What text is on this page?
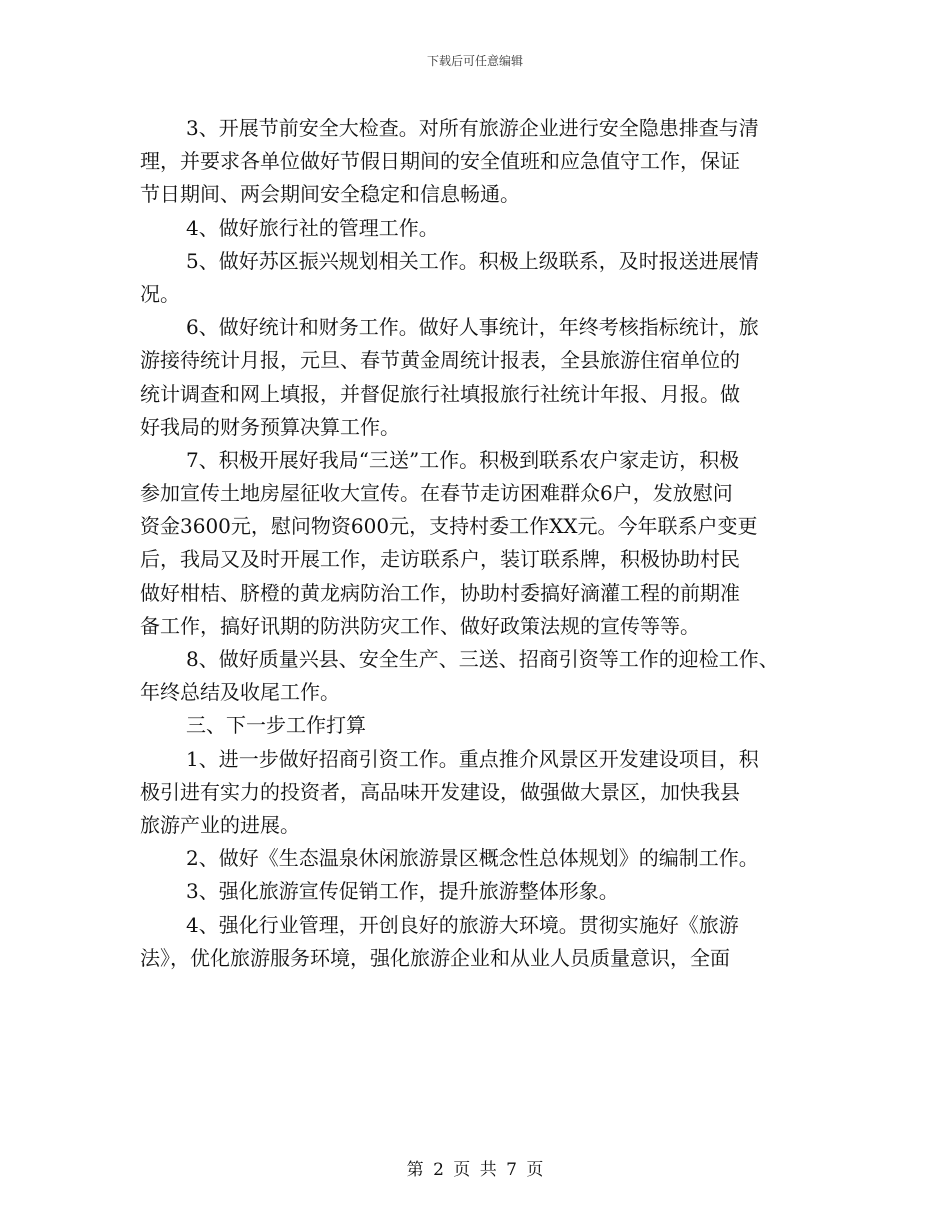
下载后可任意编辑
3、开展节前安全大检查。对所有旅游企业进行安全隐患排查与清
理，并要求各单位做好节假日期间的安全值班和应急值守工作，保证
节日期间、两会期间安全稳定和信息畅通。
4、做好旅行社的管理工作。
5、做好苏区振兴规划相关工作。积极上级联系，及时报送进展情
况。
6、做好统计和财务工作。做好人事统计，年终考核指标统计，旅
游接待统计月报，元旦、春节黄金周统计报表，全县旅游住宿单位的
统计调查和网上填报，并督促旅行社填报旅行社统计年报、月报。做
好我局的财务预算决算工作。
7、积极开展好我局“三送”工作。积极到联系农户家走访，积极
参加宣传土地房屋征收大宣传。在春节走访困难群众6户，发放慰问
资金3600元，慰问物资600元，支持村委工作XX元。今年联系户变更
后，我局又及时开展工作，走访联系户，装订联系牌，积极协助村民
做好柑桔、脐橙的黄龙病防治工作，协助村委搞好滴灌工程的前期准
备工作，搞好讯期的防洪防灾工作、做好政策法规的宣传等等。
8、做好质量兴县、安全生产、三送、招商引资等工作的迎检工作、
年终总结及收尾工作。
三、下一步工作打算
1、进一步做好招商引资工作。重点推介风景区开发建设项目，积
极引进有实力的投资者，高品味开发建设，做强做大景区，加快我县
旅游产业的进展。
2、做好《生态温泉休闲旅游景区概念性总体规划》的编制工作。
3、强化旅游宣传促销工作，提升旅游整体形象。
4、强化行业管理，开创良好的旅游大环境。贯彻实施好《旅游
法》，优化旅游服务环境，强化旅游企业和从业人员质量意识，全面
第 2 页 共 7 页
